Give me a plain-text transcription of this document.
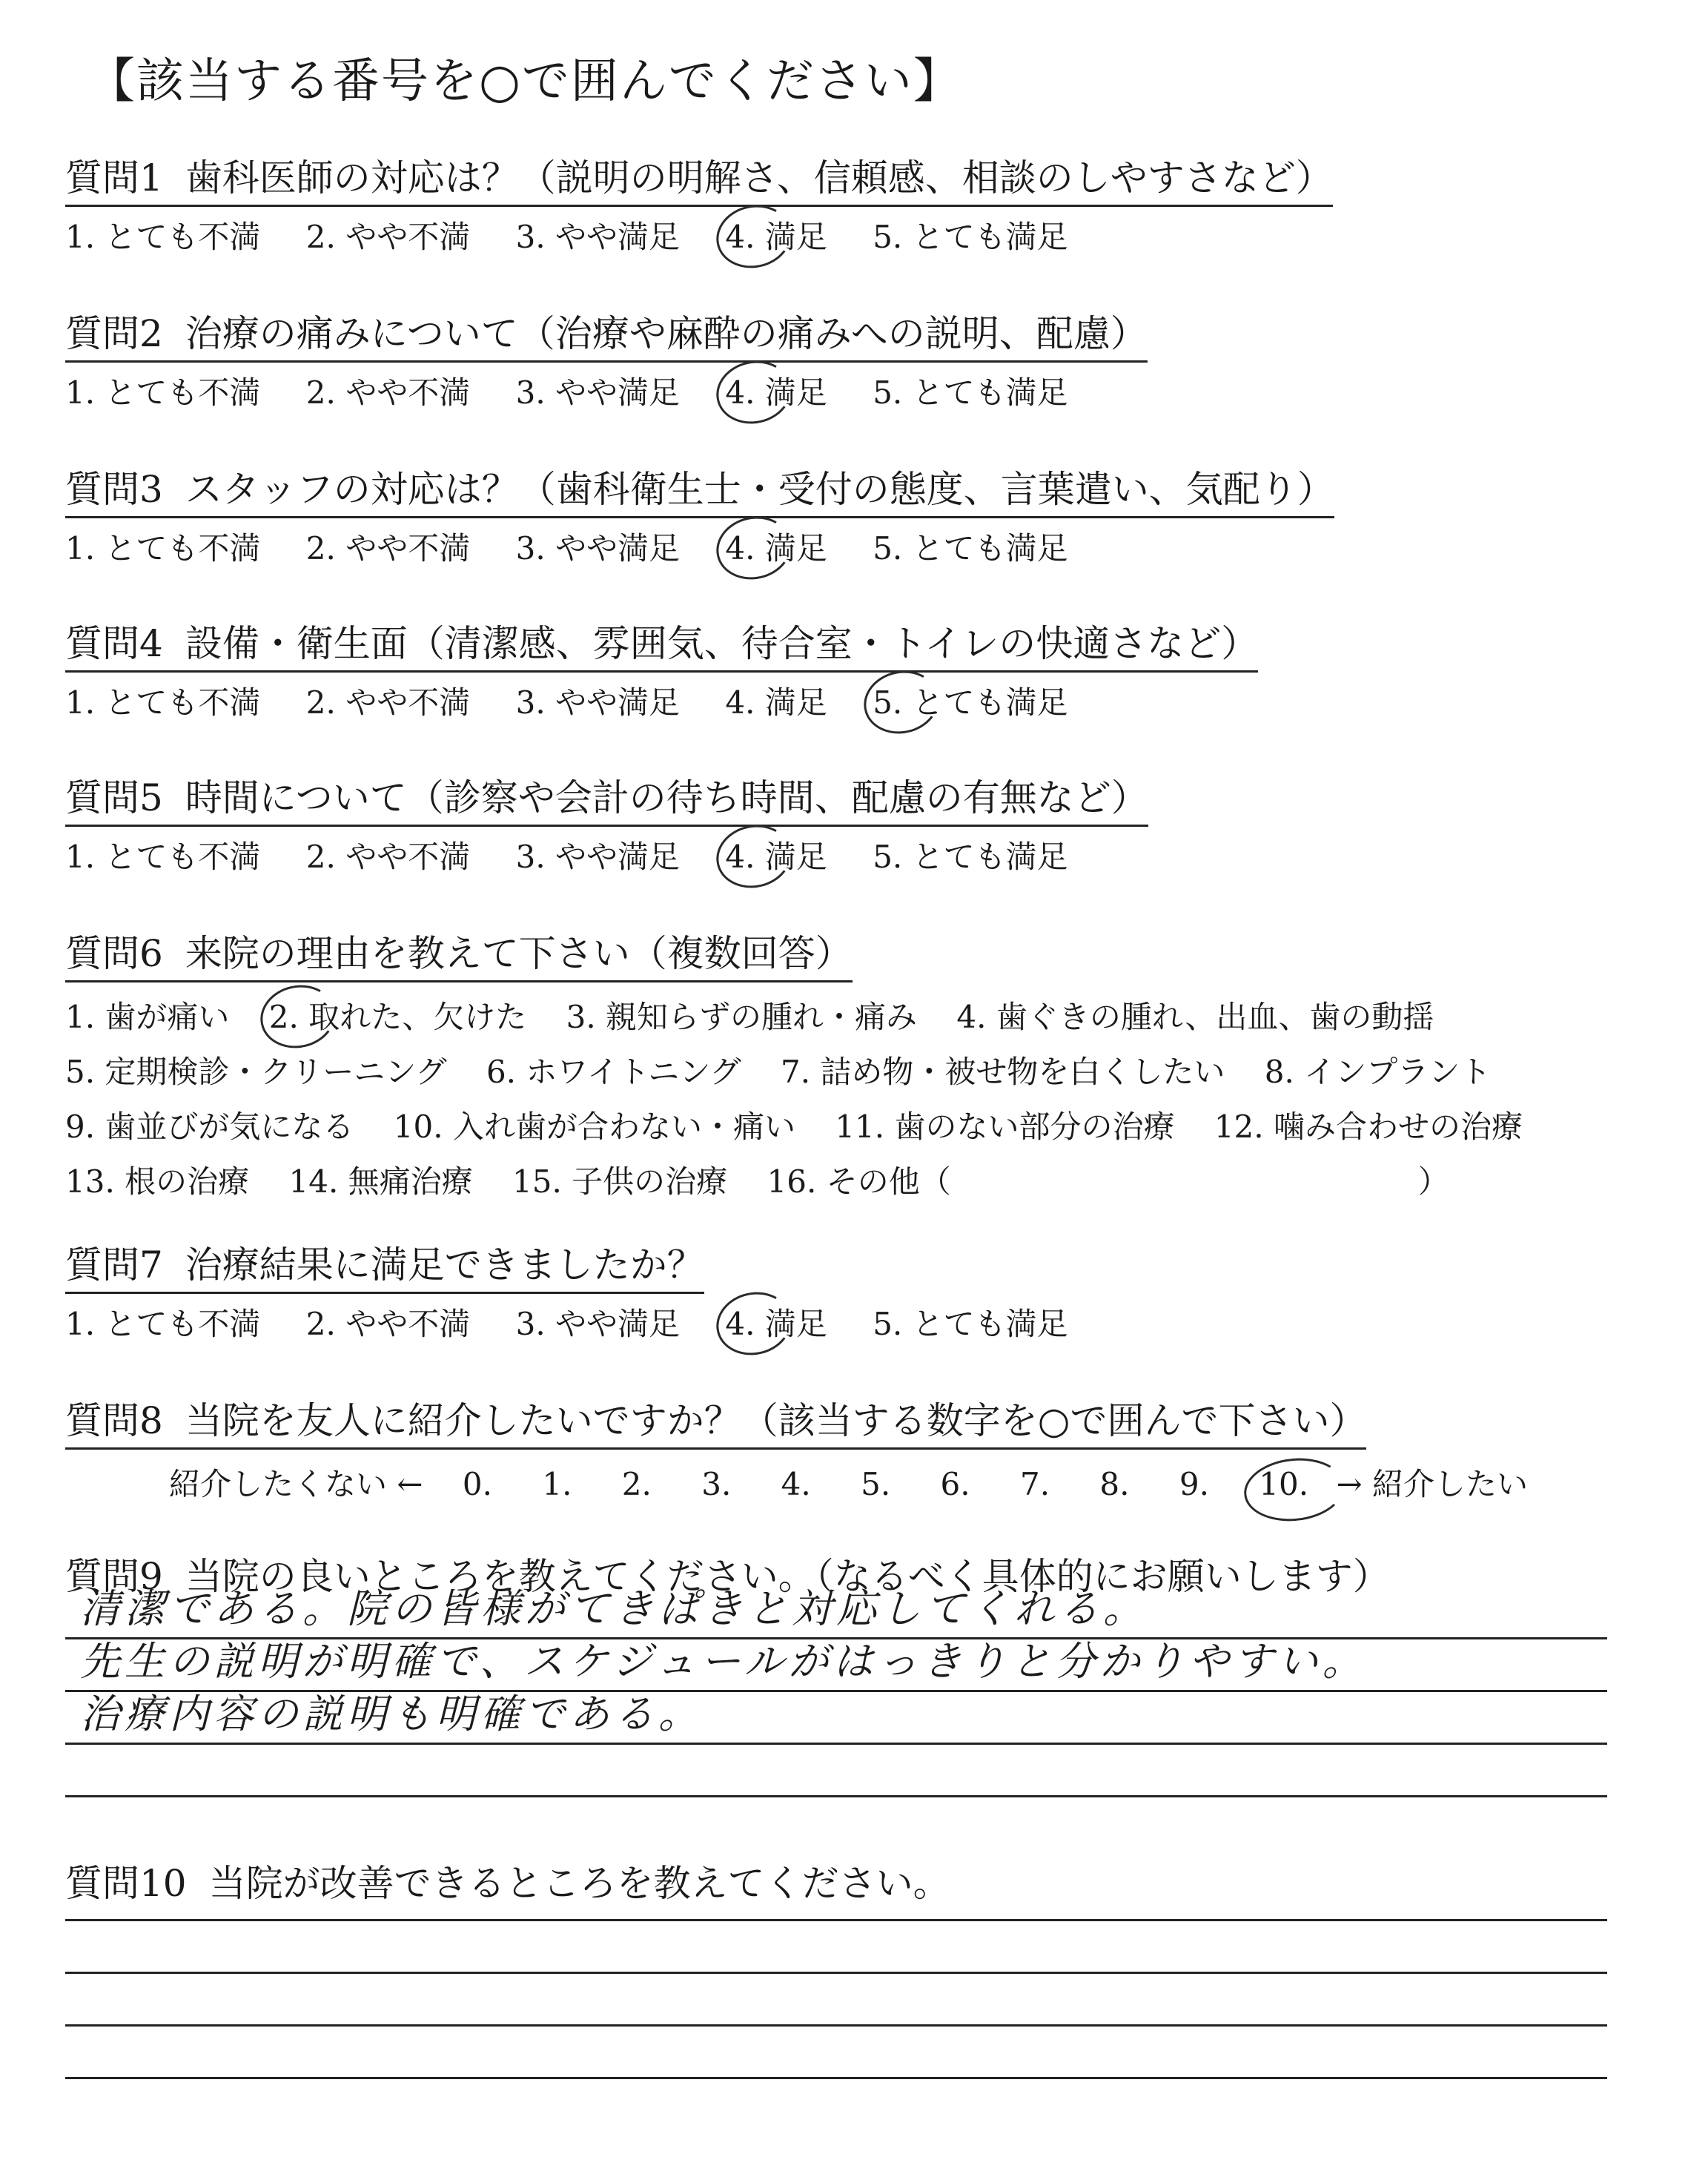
【該当する番号を○で囲んでください】
質問1 歯科医師の対応は？（説明の明解さ、信頼感、相談のしやすさなど）
1. とても不満 2. やや不満 3. やや満足 4. 満足 5. とても満足
質問2 治療の痛みについて（治療や麻酔の痛みへの説明、配慮）
1. とても不満 2. やや不満 3. やや満足 4. 満足 5. とても満足
質問3 スタッフの対応は？（歯科衛生士・受付の態度、言葉遣い、気配り）
1. とても不満 2. やや不満 3. やや満足 4. 満足 5. とても満足
質問4 設備・衛生面（清潔感、雰囲気、待合室・トイレの快適さなど）
1. とても不満 2. やや不満 3. やや満足 4. 満足 5. とても満足
質問5 時間について（診察や会計の待ち時間、配慮の有無など）
1. とても不満 2. やや不満 3. やや満足 4. 満足 5. とても満足
質問6 来院の理由を教えて下さい（複数回答）
1. 歯が痛い 2. 取れた、欠けた 3. 親知らずの腫れ・痛み 4. 歯ぐきの腫れ、出血、歯の動揺
5. 定期検診・クリーニング 6. ホワイトニング 7. 詰め物・被せ物を白くしたい 8. インプラント
9. 歯並びが気になる 10. 入れ歯が合わない・痛い 11. 歯のない部分の治療 12. 噛み合わせの治療
13. 根の治療 14. 無痛治療 15. 子供の治療 16. その他（　　　　　　　　　　　　　　　）
質問7 治療結果に満足できましたか？
1. とても不満 2. やや不満 3. やや満足 4. 満足 5. とても満足
質問8 当院を友人に紹介したいですか？（該当する数字を○で囲んで下さい）
紹介したくない ← 0. 1. 2. 3. 4. 5. 6. 7. 8. 9. 10. → 紹介したい
質問9 当院の良いところを教えてください。（なるべく具体的にお願いします）
清潔である。院の皆様がてきぱきと対応してくれる。
先生の説明が明確で、スケジュールがはっきりと分かりやすい。
治療内容の説明も明確である。
質問10 当院が改善できるところを教えてください。
